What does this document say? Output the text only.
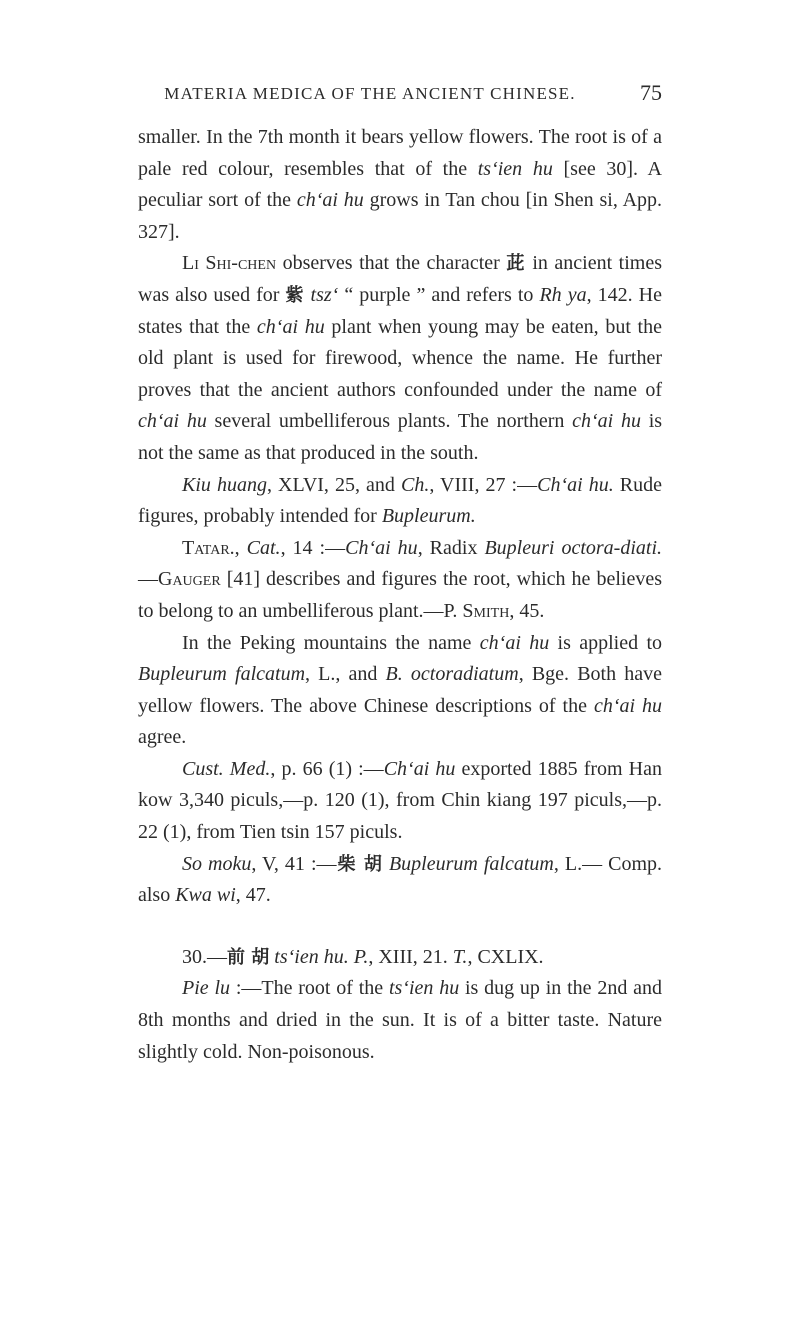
MATERIA MEDICA OF THE ANCIENT CHINESE.	75

smaller. In the 7th month it bears yellow flowers. The root is of a pale red colour, resembles that of the ts‘ien hu [see 30]. A peculiar sort of the ch‘ai hu grows in Tan chou [in Shen si, App. 327].

Li Shi-chen observes that the character 茈 in ancient times was also used for 紫 tsz‘ “ purple ” and refers to Rh ya, 142. He states that the ch‘ai hu plant when young may be eaten, but the old plant is used for firewood, whence the name. He further proves that the ancient authors confounded under the name of ch‘ai hu several umbelliferous plants. The northern ch‘ai hu is not the same as that produced in the south.

Kiu huang, XLVI, 25, and Ch., VIII, 27 :—Ch‘ai hu. Rude figures, probably intended for Bupleurum.

Tatar., Cat., 14 :—Ch‘ai hu, Radix Bupleuri octora-diati.—Gauger [41] describes and figures the root, which he believes to belong to an umbelliferous plant.—P. Smith, 45.

In the Peking mountains the name ch‘ai hu is applied to Bupleurum falcatum, L., and B. octoradiatum, Bge. Both have yellow flowers. The above Chinese descriptions of the ch‘ai hu agree.

Cust. Med., p. 66 (1) :—Ch‘ai hu exported 1885 from Han kow 3,340 piculs,—p. 120 (1), from Chin kiang 197 piculs,—p. 22 (1), from Tien tsin 157 piculs.

So moku, V, 41 :—柴 胡 Bupleurum falcatum, L.— Comp. also Kwa wi, 47.

30.—前 胡 ts‘ien hu. P., XIII, 21. T., CXLIX.

Pie lu :—The root of the ts‘ien hu is dug up in the 2nd and 8th months and dried in the sun. It is of a bitter taste. Nature slightly cold. Non-poisonous.
